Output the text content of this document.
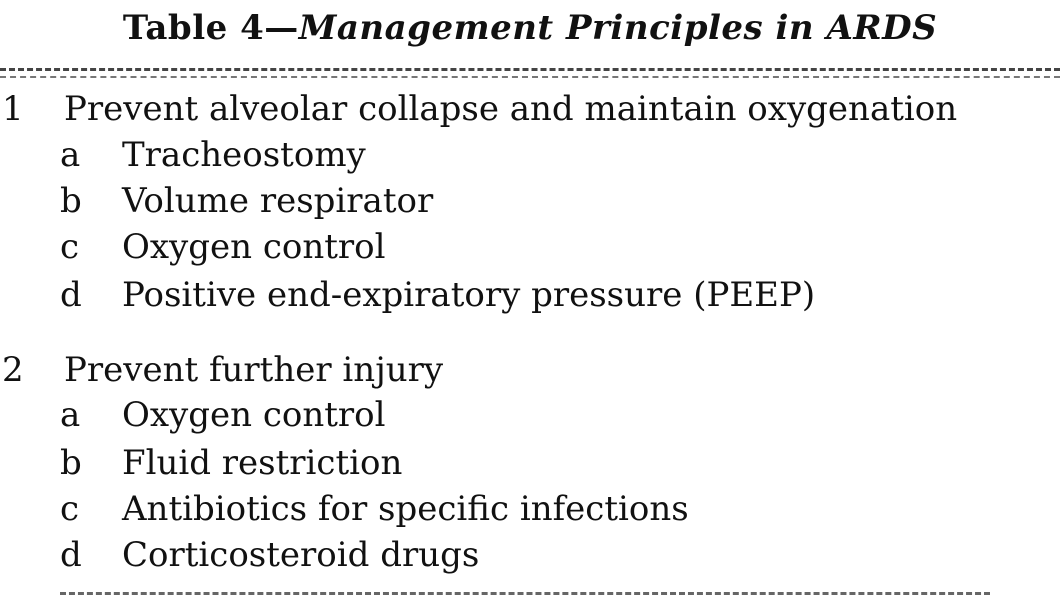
Table 4—Management Principles in ARDS
1 Prevent alveolar collapse and maintain oxygenation
a Tracheostomy
b Volume respirator
c Oxygen control
d Positive end-expiratory pressure (PEEP)
2 Prevent further injury
a Oxygen control
b Fluid restriction
c Antibiotics for specific infections
d Corticosteroid drugs
